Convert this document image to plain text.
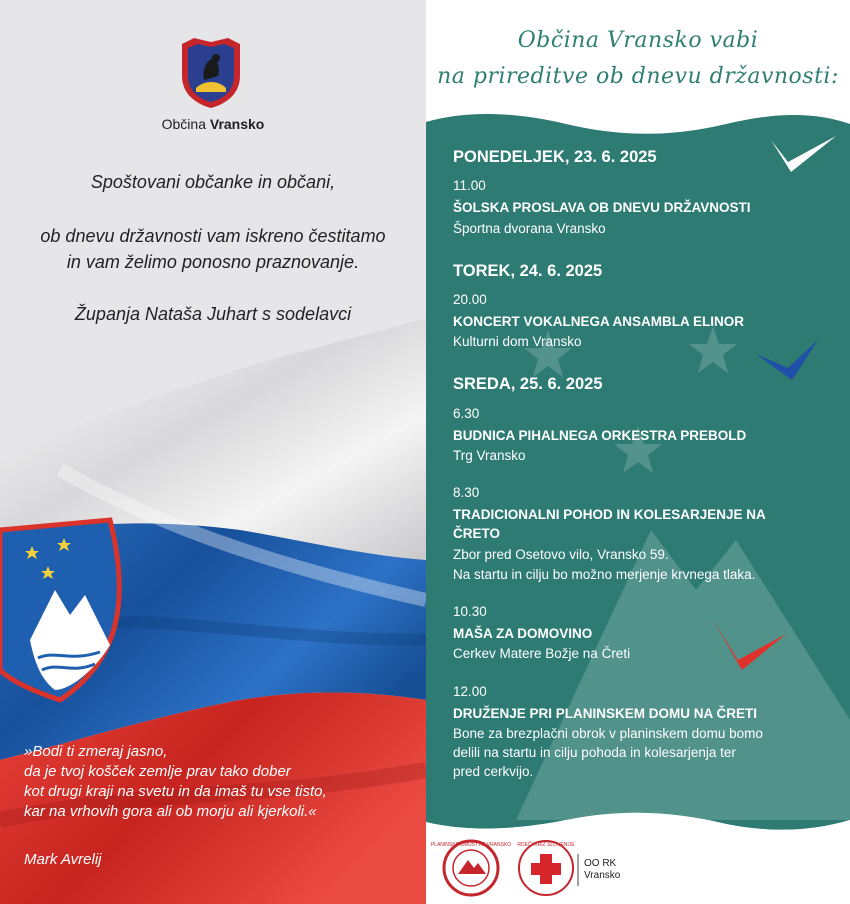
Občina Vransko
Spoštovani občanke in občani,
ob dnevu državnosti vam iskreno čestitamo
in vam želimo ponosno praznovanje.
Županja Nataša Juhart s sodelavci
»Bodi ti zmeraj jasno,
da je tvoj košček zemlje prav tako dober
kot drugi kraji na svetu in da imaš tu vse tisto,
kar na vrhovih gora ali ob morju ali kjerkoli.«
Mark Avrelij
Občina Vransko vabi
na prireditve ob dnevu državnosti:
PONEDELJEK, 23. 6. 2025
11.00
ŠOLSKA PROSLAVA OB DNEVU DRŽAVNOSTI
Športna dvorana Vransko
TOREK, 24. 6. 2025
20.00
KONCERT VOKALNEGA ANSAMBLA ELINOR
Kulturni dom Vransko
SREDA, 25. 6. 2025
6.30
BUDNICA PIHALNEGA ORKESTRA PREBOLD
Trg Vransko
8.30
TRADICIONALNI POHOD IN KOLESARJENJE NA
ČRETO
Zbor pred Osetovo vilo, Vransko 59.
Na startu in cilju bo možno merjenje krvnega tlaka.
10.30
MAŠA ZA DOMOVINO
Cerkev Matere Božje na Čreti
12.00
DRUŽENJE PRI PLANINSKEM DOMU NA ČRETI
Bone za brezplačni obrok v planinskem domu bomo
delili na startu in cilju pohoda in kolesarjenja ter
pred cerkvijo.
PLANINSKO DRUŠTVO VRANSKO RDEČI KRIŽ SLOVENIJE
OO RK
Vransko
